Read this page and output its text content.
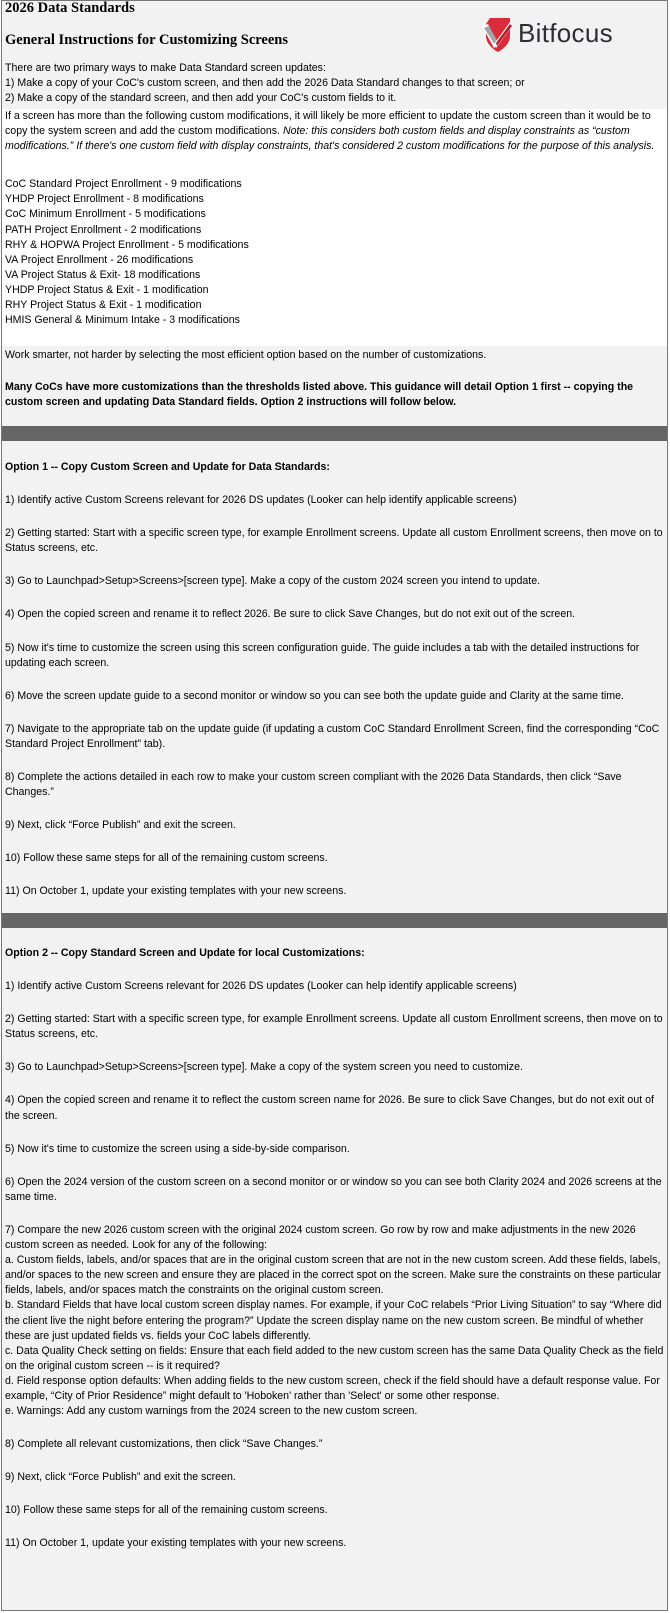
2026 Data Standards
General Instructions for Customizing Screens	Bitfocus
There are two primary ways to make Data Standard screen updates:
1) Make a copy of your CoC's custom screen, and then add the 2026 Data Standard changes to that screen; or
2) Make a copy of the standard screen, and then add your CoC's custom fields to it.
If a screen has more than the following custom modifications, it will likely be more efficient to update the custom screen than it would be to copy the system screen and add the custom modifications. Note: this considers both custom fields and display constraints as “custom modifications.” If there's one custom field with display constraints, that's considered 2 custom modifications for the purpose of this analysis.
CoC Standard Project Enrollment - 9 modifications
YHDP Project Enrollment - 8 modifications
CoC Minimum Enrollment - 5 modifications
PATH Project Enrollment - 2 modifications
RHY & HOPWA Project Enrollment - 5 modifications
VA Project Enrollment - 26 modifications
VA Project Status & Exit- 18 modifications
YHDP Project Status & Exit - 1 modification
RHY Project Status & Exit - 1 modification
HMIS General & Minimum Intake - 3 modifications
Work smarter, not harder by selecting the most efficient option based on the number of customizations.
Many CoCs have more customizations than the thresholds listed above. This guidance will detail Option 1 first -- copying the custom screen and updating Data Standard fields. Option 2 instructions will follow below.
Option 1 -- Copy Custom Screen and Update for Data Standards:
1) Identify active Custom Screens relevant for 2026 DS updates (Looker can help identify applicable screens)
2) Getting started: Start with a specific screen type, for example Enrollment screens. Update all custom Enrollment screens, then move on to Status screens, etc.
3) Go to Launchpad>Setup>Screens>[screen type]. Make a copy of the custom 2024 screen you intend to update.
4) Open the copied screen and rename it to reflect 2026. Be sure to click Save Changes, but do not exit out of the screen.
5) Now it's time to customize the screen using this screen configuration guide. The guide includes a tab with the detailed instructions for updating each screen.
6) Move the screen update guide to a second monitor or window so you can see both the update guide and Clarity at the same time.
7) Navigate to the appropriate tab on the update guide (if updating a custom CoC Standard Enrollment Screen, find the corresponding “CoC Standard Project Enrollment” tab).
8) Complete the actions detailed in each row to make your custom screen compliant with the 2026 Data Standards, then click “Save Changes.”
9) Next, click “Force Publish” and exit the screen.
10) Follow these same steps for all of the remaining custom screens.
11) On October 1, update your existing templates with your new screens.
Option 2 -- Copy Standard Screen and Update for local Customizations:
1) Identify active Custom Screens relevant for 2026 DS updates (Looker can help identify applicable screens)
2) Getting started: Start with a specific screen type, for example Enrollment screens. Update all custom Enrollment screens, then move on to Status screens, etc.
3) Go to Launchpad>Setup>Screens>[screen type]. Make a copy of the system screen you need to customize.
4) Open the copied screen and rename it to reflect the custom screen name for 2026. Be sure to click Save Changes, but do not exit out of the screen.
5) Now it's time to customize the screen using a side-by-side comparison.
6) Open the 2024 version of the custom screen on a second monitor or or window so you can see both Clarity 2024 and 2026 screens at the same time.
7) Compare the new 2026 custom screen with the original 2024 custom screen. Go row by row and make adjustments in the new 2026 custom screen as needed. Look for any of the following:
a. Custom fields, labels, and/or spaces that are in the original custom screen that are not in the new custom screen. Add these fields, labels, and/or spaces to the new screen and ensure they are placed in the correct spot on the screen. Make sure the constraints on these particular fields, labels, and/or spaces match the constraints on the original custom screen.
b. Standard Fields that have local custom screen display names. For example, if your CoC relabels “Prior Living Situation” to say “Where did the client live the night before entering the program?” Update the screen display name on the new custom screen. Be mindful of whether these are just updated fields vs. fields your CoC labels differently.
c. Data Quality Check setting on fields: Ensure that each field added to the new custom screen has the same Data Quality Check as the field on the original custom screen -- is it required?
d. Field response option defaults: When adding fields to the new custom screen, check if the field should have a default response value. For example, “City of Prior Residence” might default to 'Hoboken' rather than 'Select' or some other response.
e. Warnings: Add any custom warnings from the 2024 screen to the new custom screen.
8) Complete all relevant customizations, then click “Save Changes.”
9) Next, click “Force Publish” and exit the screen.
10) Follow these same steps for all of the remaining custom screens.
11) On October 1, update your existing templates with your new screens.
